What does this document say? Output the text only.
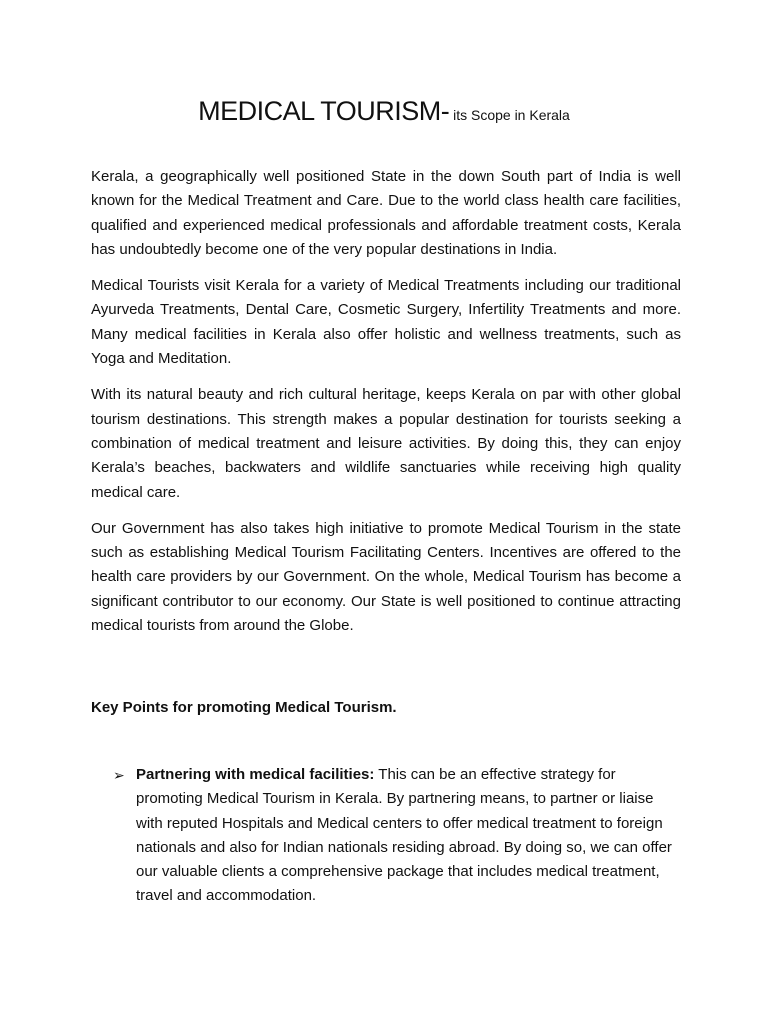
MEDICAL TOURISM- its Scope in Kerala

Kerala, a geographically well positioned State in the down South part of India is well known for the Medical Treatment and Care. Due to the world class health care facilities, qualified and experienced medical professionals and affordable treatment costs, Kerala has undoubtedly become one of the very popular destinations in India.

Medical Tourists visit Kerala for a variety of Medical Treatments including our traditional Ayurveda Treatments, Dental Care, Cosmetic Surgery, Infertility Treatments and more. Many medical facilities in Kerala also offer holistic and wellness treatments, such as Yoga and Meditation.

With its natural beauty and rich cultural heritage, keeps Kerala on par with other global tourism destinations. This strength makes a popular destination for tourists seeking a combination of medical treatment and leisure activities. By doing this, they can enjoy Kerala’s beaches, backwaters and wildlife sanctuaries while receiving high quality medical care.

Our Government has also takes high initiative to promote Medical Tourism in the state such as establishing Medical Tourism Facilitating Centers. Incentives are offered to the health care providers by our Government. On the whole, Medical Tourism has become a significant contributor to our economy. Our State is well positioned to continue attracting medical tourists from around the Globe.

Key Points for promoting Medical Tourism.

➢ Partnering with medical facilities: This can be an effective strategy for promoting Medical Tourism in Kerala. By partnering means, to partner or liaise with reputed Hospitals and Medical centers to offer medical treatment to foreign nationals and also for Indian nationals residing abroad. By doing so, we can offer our valuable clients a comprehensive package that includes medical treatment, travel and accommodation.
